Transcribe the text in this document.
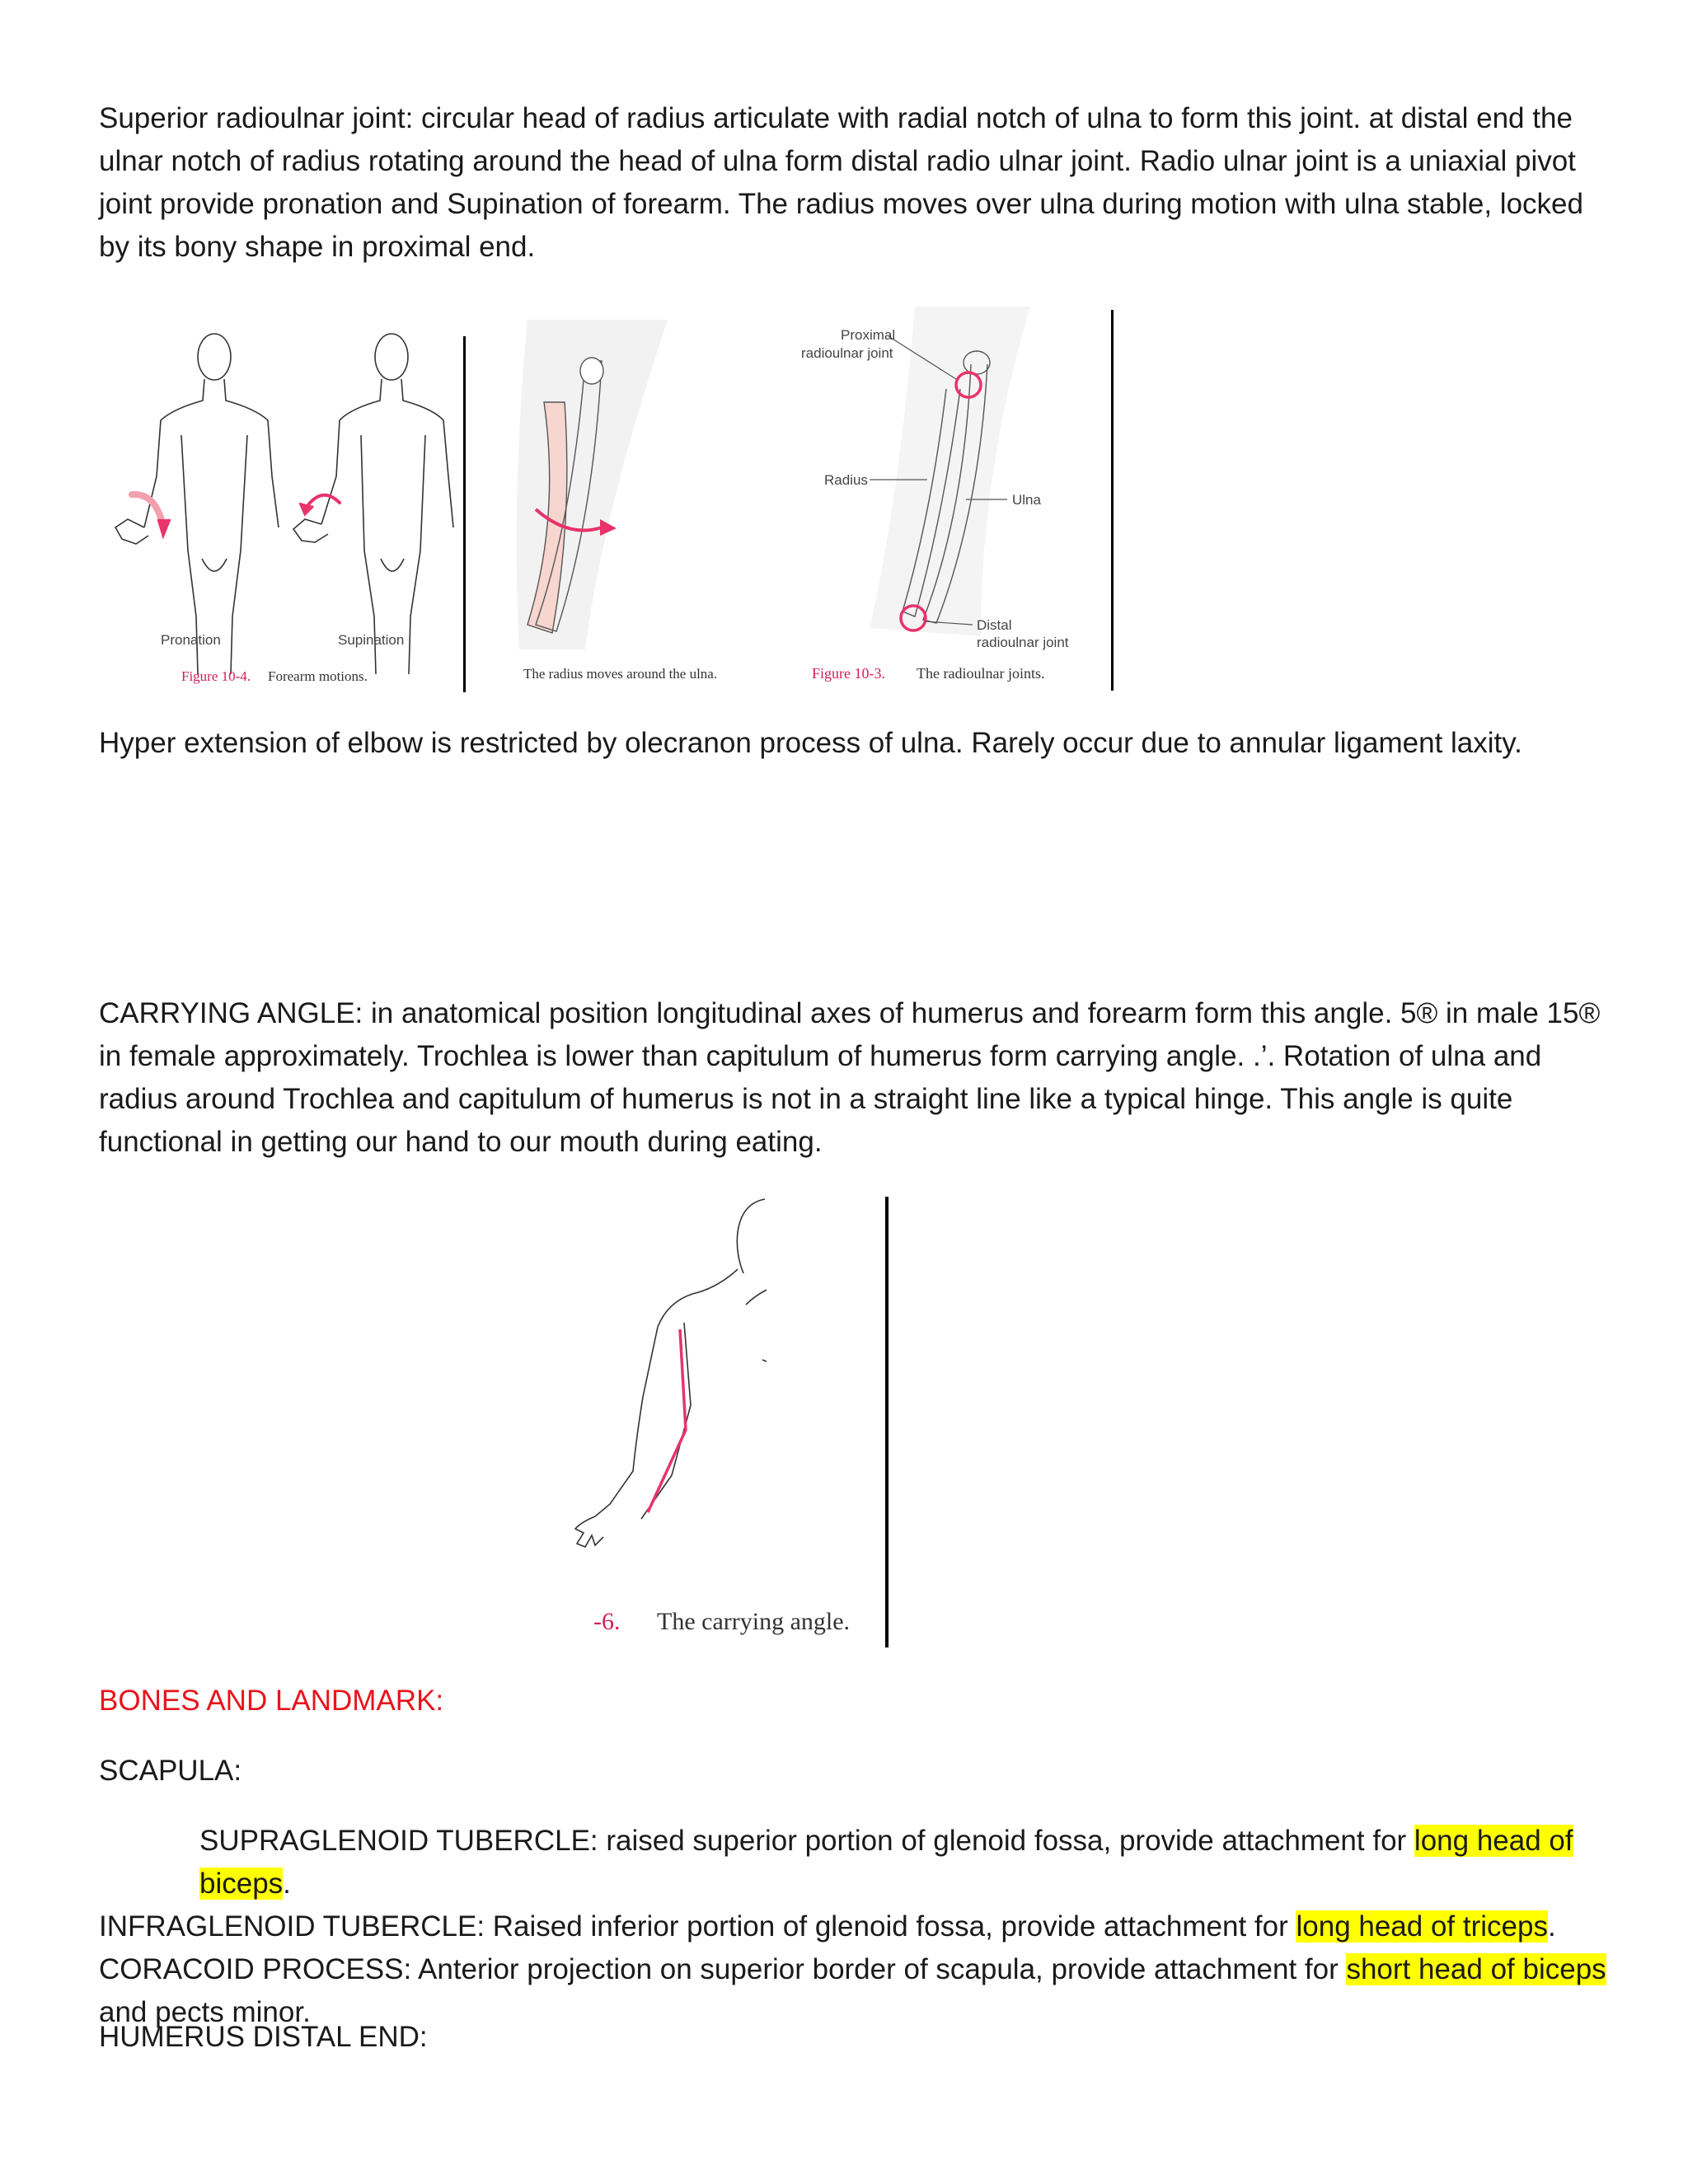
Superior radioulnar joint: circular head of radius articulate with radial notch of ulna to form this joint. at distal end the ulnar notch of radius rotating around the head of ulna form distal radio ulnar joint. Radio ulnar joint is a uniaxial pivot joint provide pronation and Supination of forearm. The radius moves over ulna during motion with ulna stable, locked by its bony shape in proximal end.

Pronation	Supination
Figure 10-4. Forearm motions.	The radius moves around the ulna.
Proximal
radioulnar joint
Radius
Ulna
Distal
radioulnar joint
Figure 10-3. The radioulnar joints.

Hyper extension of elbow is restricted by olecranon process of ulna. Rarely occur due to annular ligament laxity.

CARRYING ANGLE: in anatomical position longitudinal axes of humerus and forearm form this angle. 5® in male 15® in female approximately. Trochlea is lower than capitulum of humerus form carrying angle. .’. Rotation of ulna and radius around Trochlea and capitulum of humerus is not in a straight line like a typical hinge. This angle is quite functional in getting our hand to our mouth during eating.

-6. The carrying angle.

BONES AND LANDMARK:

SCAPULA:

SUPRAGLENOID TUBERCLE: raised superior portion of glenoid fossa, provide attachment for long head of biceps.
INFRAGLENOID TUBERCLE: Raised inferior portion of glenoid fossa, provide attachment for long head of triceps.
CORACOID PROCESS: Anterior projection on superior border of scapula, provide attachment for short head of biceps and pects minor.

HUMERUS DISTAL END:
